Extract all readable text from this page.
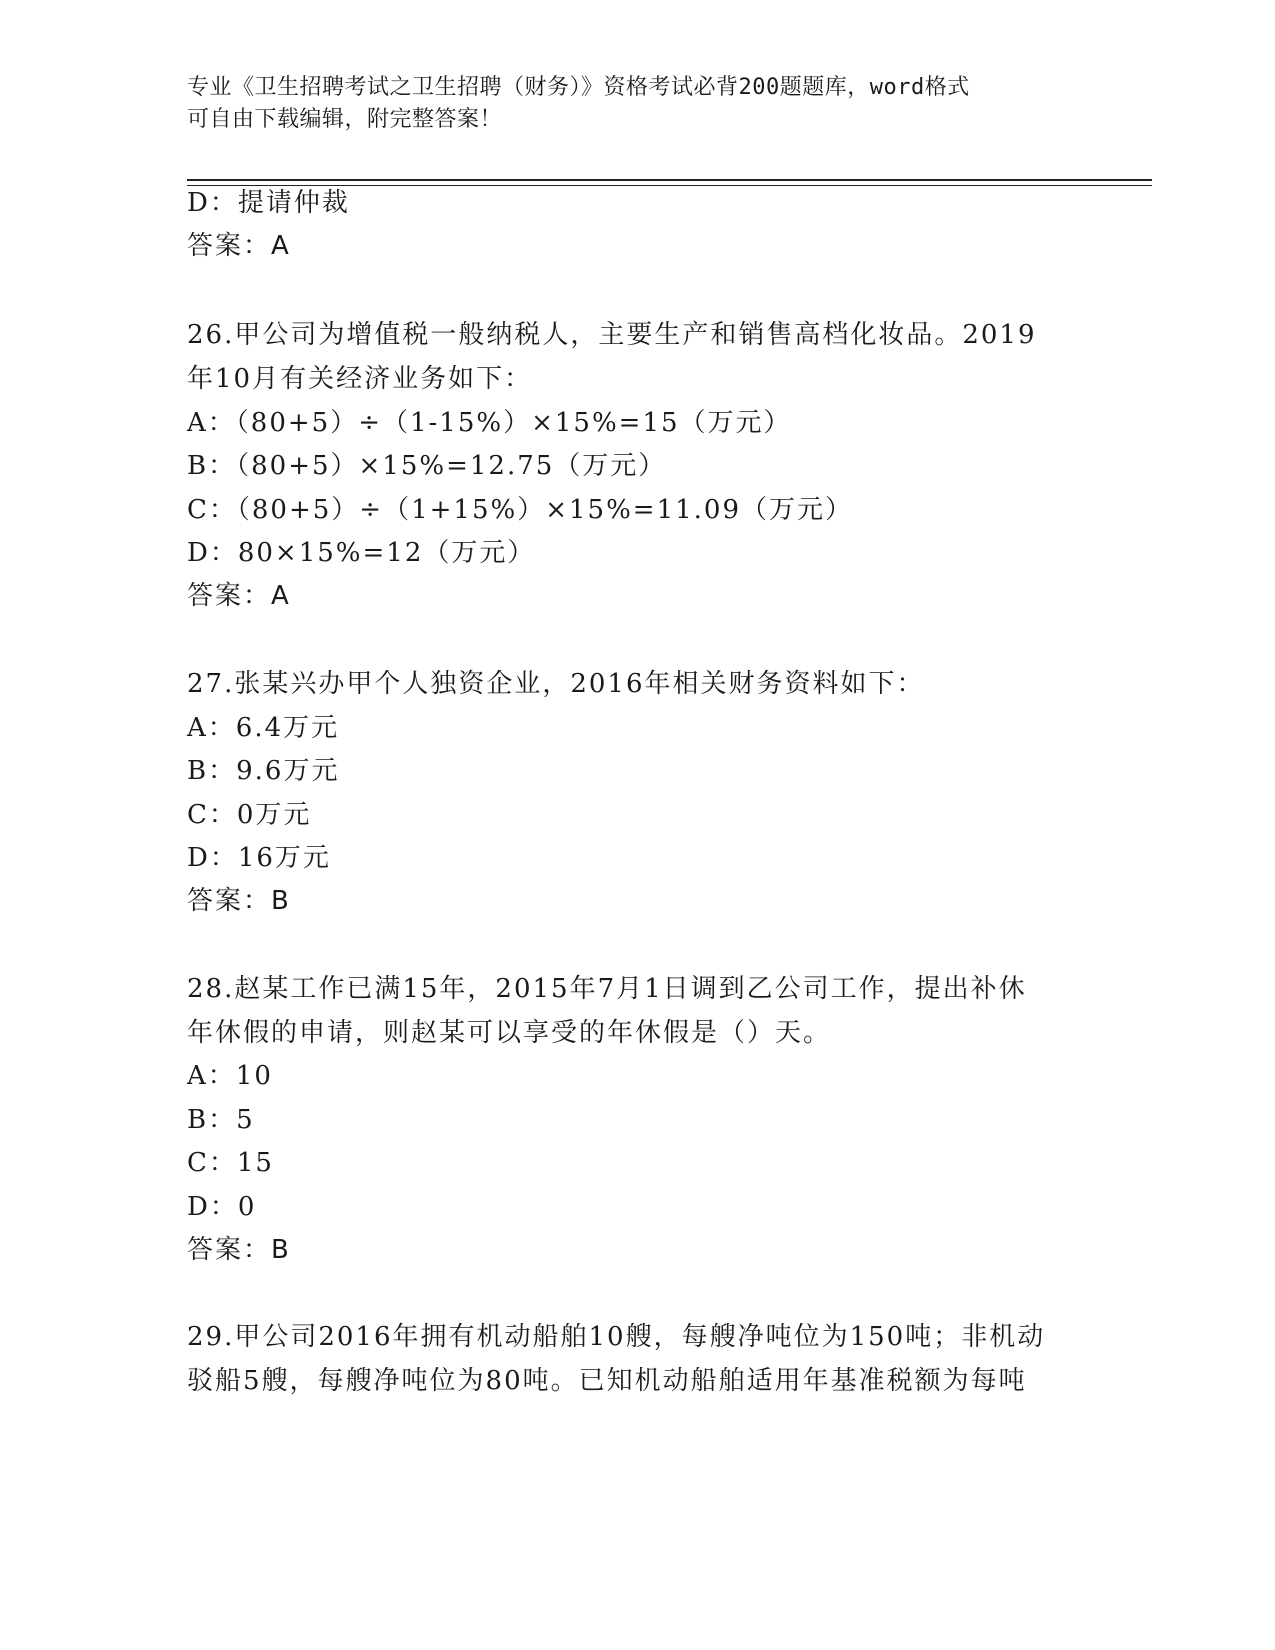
专业《卫生招聘考试之卫生招聘（财务）》资格考试必背200题题库，word格式

可自由下载编辑，附完整答案！

D：提请仲裁
答案：A
26.甲公司为增值税一般纳税人，主要生产和销售高档化妆品。2019
年10月有关经济业务如下：
A：（80+5）÷（1-15%）×15%=15（万元）
B：（80+5）×15%=12.75（万元）
C：（80+5）÷（1+15%）×15%=11.09（万元）
D：80×15%=12（万元）
答案：A
27.张某兴办甲个人独资企业，2016年相关财务资料如下：
A：6.4万元
B：9.6万元
C：0万元
D：16万元
答案：B
28.赵某工作已满15年，2015年7月1日调到乙公司工作，提出补休
年休假的申请，则赵某可以享受的年休假是（）天。
A：10
B：5
C：15
D：0
答案：B
29.甲公司2016年拥有机动船舶10艘，每艘净吨位为150吨；非机动
驳船5艘，每艘净吨位为80吨。已知机动船舶适用年基准税额为每吨
